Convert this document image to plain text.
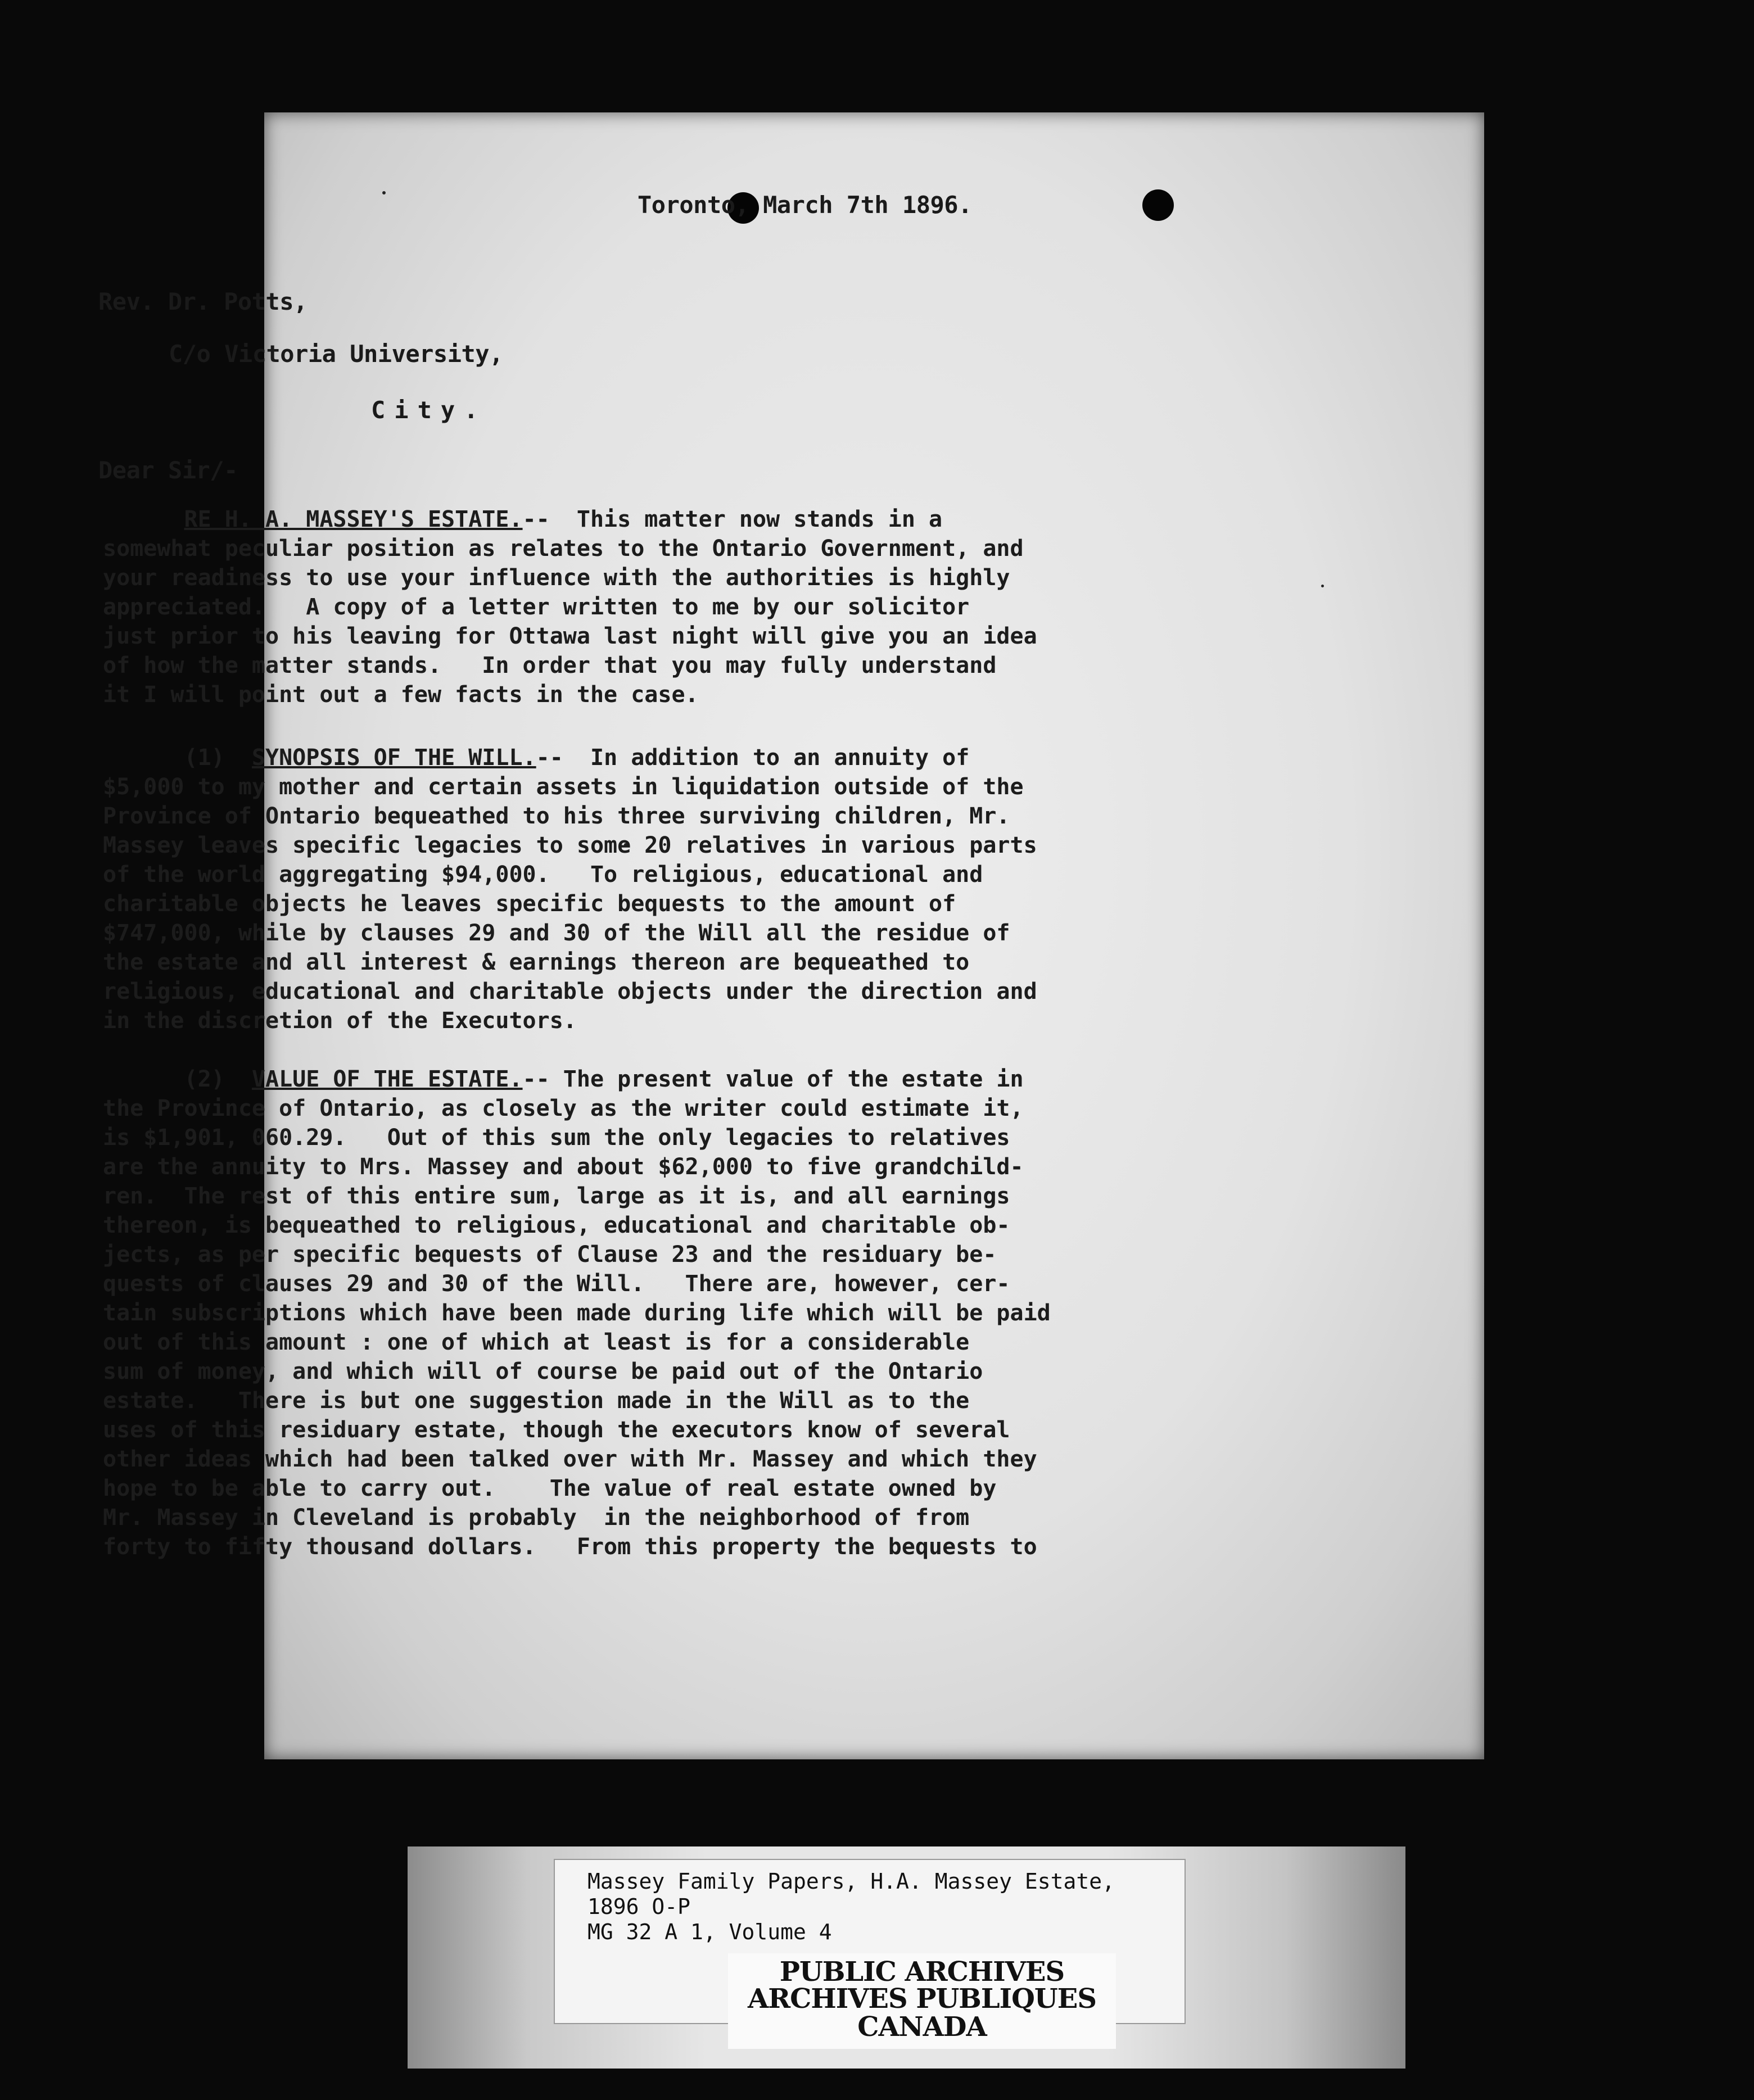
Toronto, March 7th 1896.
Rev. Dr. Potts,
C/o Victoria University,
City.
Dear Sir/-
RE H. A. MASSEY'S ESTATE.--  This matter now stands in a
somewhat peculiar position as relates to the Ontario Government, and
your readiness to use your influence with the authorities is highly
appreciated.   A copy of a letter written to me by our solicitor
just prior to his leaving for Ottawa last night will give you an idea
of how the matter stands.   In order that you may fully understand
it I will point out a few facts in the case.
(1) SYNOPSIS OF THE WILL.--  In addition to an annuity of
$5,000 to my mother and certain assets in liquidation outside of the
Province of Ontario bequeathed to his three surviving children, Mr.
Massey leaves specific legacies to some 20 relatives in various parts
of the world aggregating $94,000.   To religious, educational and
charitable objects he leaves specific bequests to the amount of
$747,000, while by clauses 29 and 30 of the Will all the residue of
the estate and all interest & earnings thereon are bequeathed to
religious, educational and charitable objects under the direction and
in the discretion of the Executors.
(2) VALUE OF THE ESTATE.-- The present value of the estate in
the Province of Ontario, as closely as the writer could estimate it,
is $1,901, 060.29.   Out of this sum the only legacies to relatives
are the annuity to Mrs. Massey and about $62,000 to five grandchild-
ren.  The rest of this entire sum, large as it is, and all earnings
thereon, is bequeathed to religious, educational and charitable ob-
jects, as per specific bequests of Clause 23 and the residuary be-
quests of clauses 29 and 30 of the Will.   There are, however, cer-
tain subscriptions which have been made during life which will be paid
out of this amount : one of which at least is for a considerable
sum of money, and which will of course be paid out of the Ontario
estate.   There is but one suggestion made in the Will as to the
uses of this residuary estate, though the executors know of several
other ideas which had been talked over with Mr. Massey and which they
hope to be able to carry out.    The value of real estate owned by
Mr. Massey in Cleveland is probably  in the neighborhood of from
forty to fifty thousand dollars.   From this property the bequests to
Massey Family Papers, H.A. Massey Estate,
1896 O-P
MG 32 A 1, Volume 4
PUBLIC ARCHIVES
ARCHIVES PUBLIQUES
CANADA
